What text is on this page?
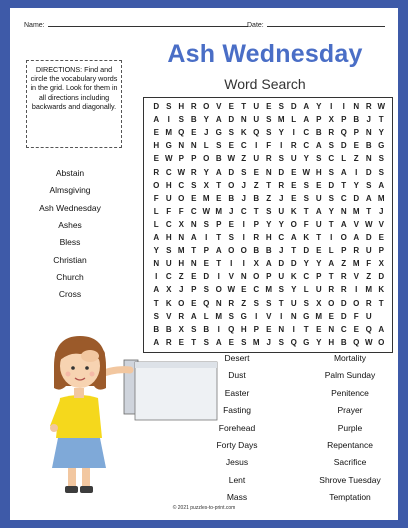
Name:	Date:
Ash Wednesday
Word Search
DIRECTIONS: Find and circle the vocabulary words in the grid. Look for them in all directions including backwards and diagonally.	D S H R O V E T U E S D A Y	I	I	N R W
A	I	S B Y A D N U S M L A P X P B J T
E M Q E J G S K Q S Y	I	C B R Q P N Y
H G N N L S E C	I	F	I	R C A S D E B G
E W P P O B W Z U R S U Y S C L Z N S
R C W R Y A D S E N D E W H S A	I	D S
O H C S X T O J Z T R E S E D T Y S A
F U O E M E B J B Z J E S U S C D A M
L F F C W M J C T S U K T A Y N M T J
L C X N S P E	I	P Y Y O F U T A V W V
A H N A	I	T S	I	R H C A K T	I	O A D E
Y S M T P A O O B B J T D E L P R U P
N U H N E T	I	I	X A D D Y Y A Z M F X
I	C Z E D	I	V N O P U K C P T R V Z D
A X J P S O W E C M S Y L U R R	I	M K
T K O E Q N R Z S S T U S X O D O R T
S V R A L M S G	I	V	I	N G M E D F U
B B X S B	I	Q H P E N	I	T E N C E Q A
A R E T S A E S M J S Q G Y H B Q W O
Abstain
Almsgiving
Ash Wednesday
Ashes
Bless
Christian
Church
Cross
Desert
Dust
Easter
Fasting
Forehead
Forty Days
Jesus
Lent
Mass
Mortality
Palm Sunday
Penitence
Prayer
Purple
Repentance
Sacrifice
Shrove Tuesday
Temptation
© 2021 puzzles-to-print.com
